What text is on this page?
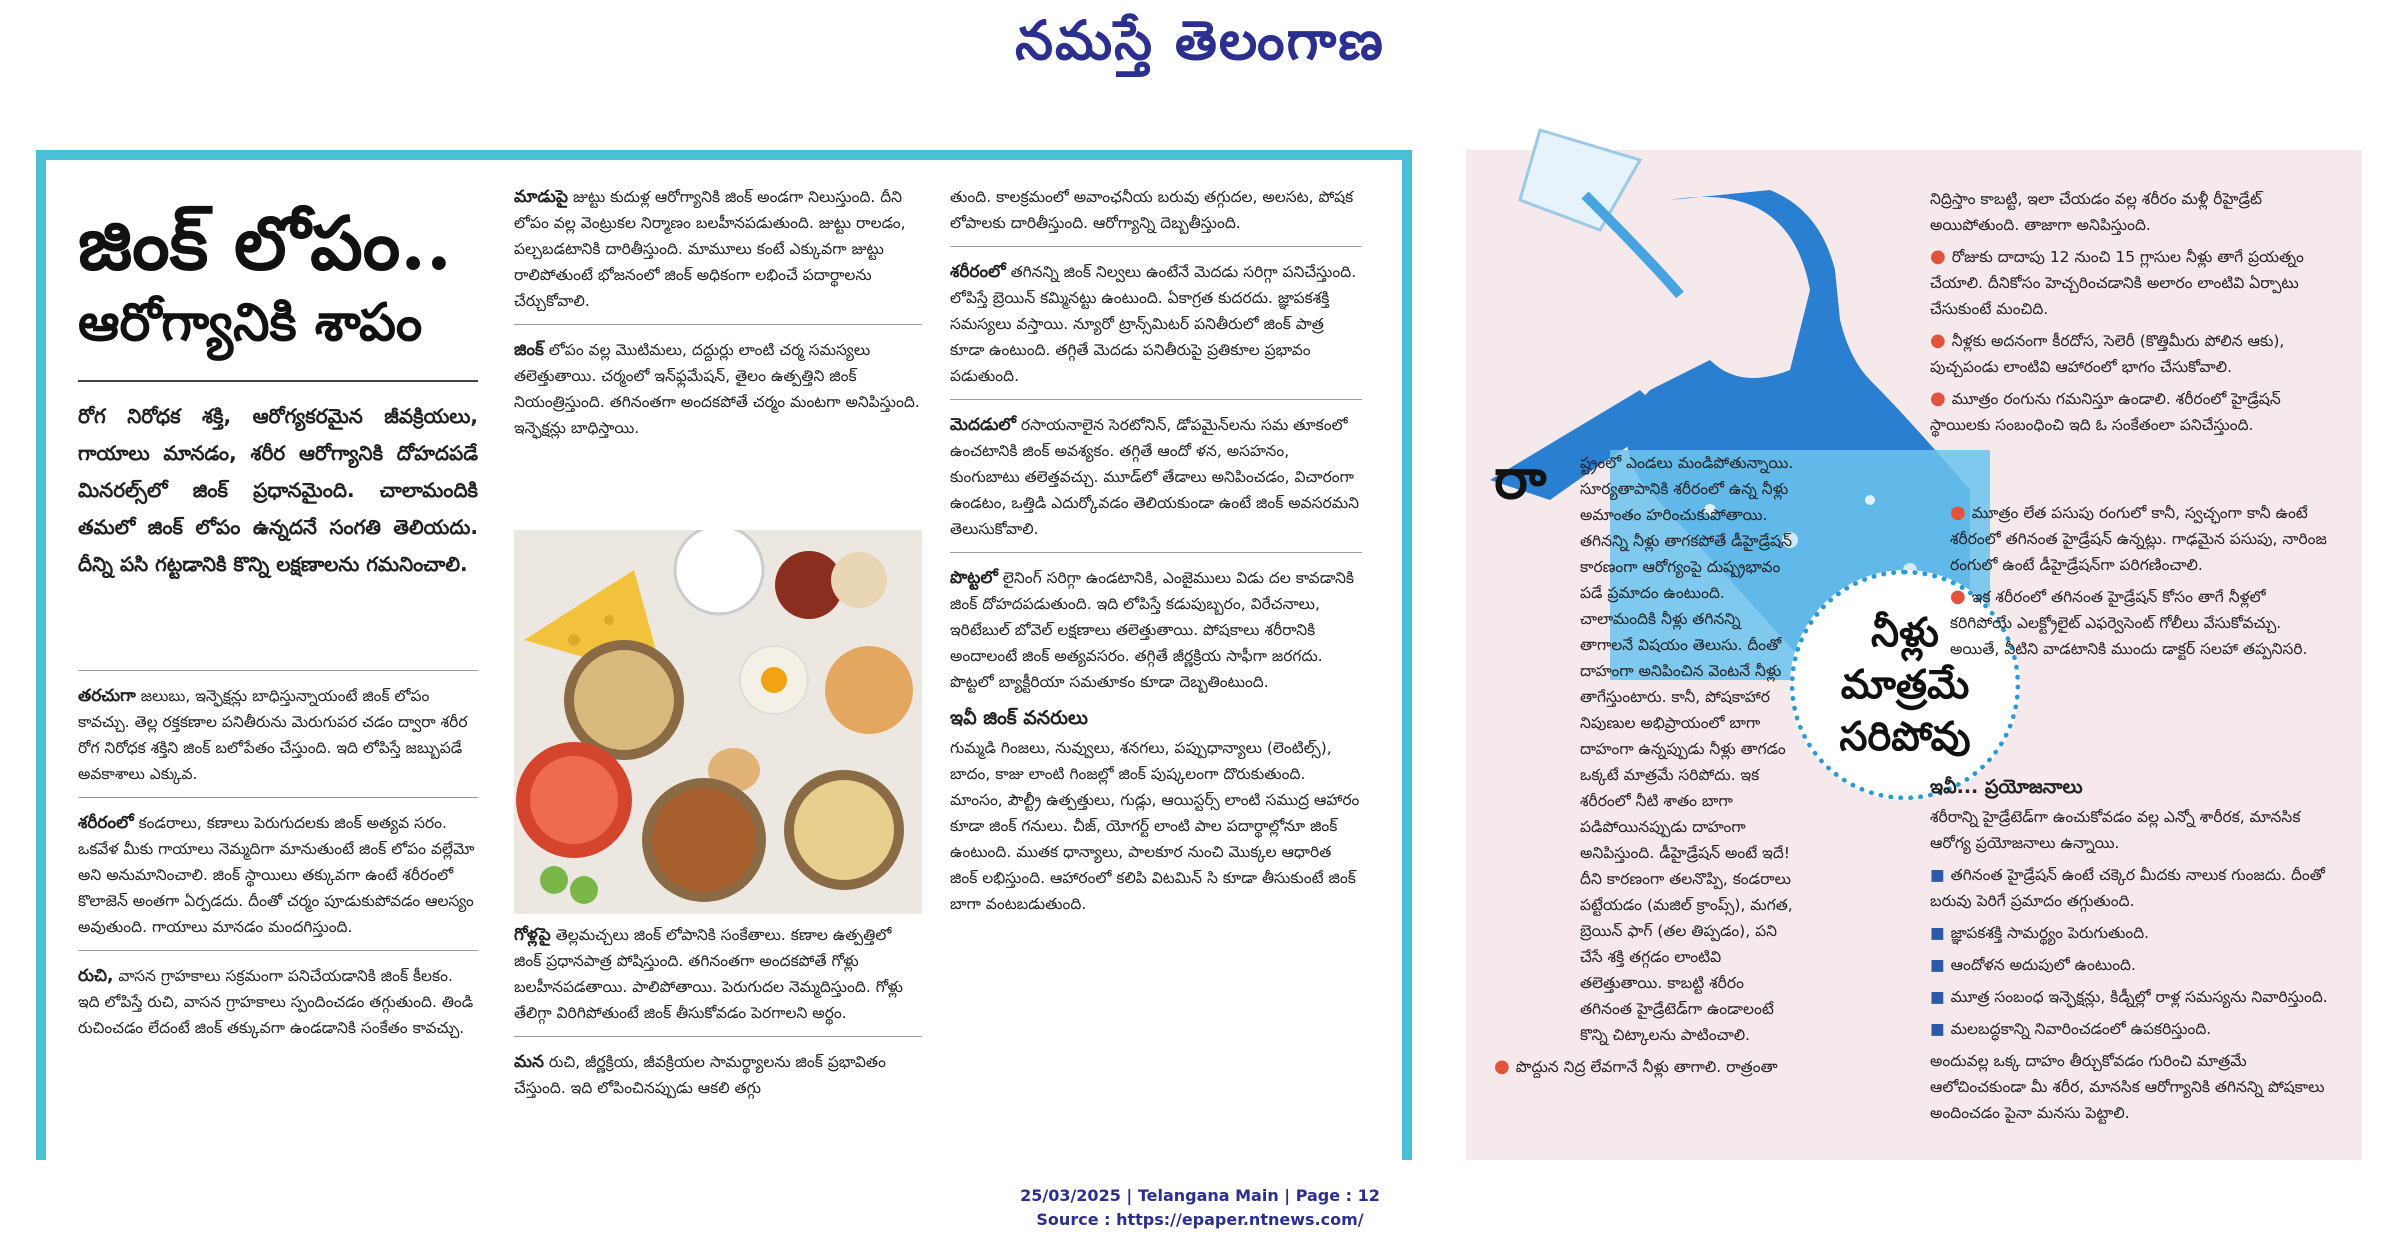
నమస్తే తెలంగాణ
జింక్ లోపం..
ఆరోగ్యానికి శాపం
రోగ నిరోధక శక్తి, ఆరోగ్యకరమైన జీవక్రియలు, గాయాలు మానడం, శరీర ఆరోగ్యానికి దోహదపడే మినరల్స్‌లో జింక్ ప్రధానమైంది. చాలామందికి తమలో జింక్ లోపం ఉన్నదనే సంగతి తెలియదు. దీన్ని పసి గట్టడానికి కొన్ని లక్షణాలను గమనించాలి.

తరచుగా జలుబు, ఇన్ఫెక్షన్లు బాధిస్తున్నాయంటే జింక్ లోపం కావచ్చు. తెల్ల రక్తకణాల పనితీరును మెరుగుపర చడం ద్వారా శరీర రోగ నిరోధక శక్తిని జింక్ బలోపేతం చేస్తుంది. ఇది లోపిస్తే జబ్బుపడే అవకాశాలు ఎక్కువ.

శరీరంలో కండరాలు, కణాలు పెరుగుదలకు జింక్ అత్యవ సరం. ఒకవేళ మీకు గాయాలు నెమ్మదిగా మానుతుంటే జింక్ లోపం వల్లేమో అని అనుమానించాలి. జింక్ స్థాయిలు తక్కువగా ఉంటే శరీరంలో కొలాజెన్ అంతగా ఏర్పడదు. దీంతో చర్మం పూడుకుపోవడం ఆలస్యం అవుతుంది. గాయాలు మానడం మందగిస్తుంది.

రుచి, వాసన గ్రాహకాలు సక్రమంగా పనిచేయడానికి జింక్ కీలకం. ఇది లోపిస్తే రుచి, వాసన గ్రాహకాలు స్పందించడం తగ్గుతుంది. తిండి రుచించడం లేదంటే జింక్ తక్కువగా ఉండడానికి సంకేతం కావచ్చు.

మాడుపై జుట్టు కుదుళ్ల ఆరోగ్యానికి జింక్ అండగా నిలుస్తుంది. దీని లోపం వల్ల వెంట్రుకల నిర్మాణం బలహీనపడుతుంది. జుట్టు రాలడం, పల్చబడటానికి దారితీస్తుంది. మామూలు కంటే ఎక్కువగా జుట్టు రాలిపోతుంటే భోజనంలో జింక్ అధికంగా లభించే పదార్థాలను చేర్చుకోవాలి.

జింక్ లోపం వల్ల మొటిమలు, దద్దుర్లు లాంటి చర్మ సమస్యలు తలెత్తుతాయి. చర్మంలో ఇన్‌ఫ్లమేషన్, తైలం ఉత్పత్తిని జింక్ నియంత్రిస్తుంది. తగినంతగా అందకపోతే చర్మం మంటగా అనిపిస్తుంది. ఇన్ఫెక్షన్లు బాధిస్తాయి.

గోళ్లపై తెల్లమచ్చలు జింక్ లోపానికి సంకేతాలు. కణాల ఉత్పత్తిలో జింక్ ప్రధానపాత్ర పోషిస్తుంది. తగినంతగా అందకపోతే గోళ్లు బలహీనపడతాయి. పాలిపోతాయి. పెరుగుదల నెమ్మదిస్తుంది. గోళ్లు తేలిగ్గా విరిగిపోతుంటే జింక్ తీసుకోవడం పెరగాలని అర్థం.

మన రుచి, జీర్ణక్రియ, జీవక్రియల సామర్థ్యాలను జింక్ ప్రభావితం చేస్తుంది. ఇది లోపించినప్పుడు ఆకలి తగ్గు

తుంది. కాలక్రమంలో అవాంఛనీయ బరువు తగ్గుదల, అలసట, పోషక లోపాలకు దారితీస్తుంది. ఆరోగ్యాన్ని దెబ్బతీస్తుంది.

శరీరంలో తగినన్ని జింక్ నిల్వలు ఉంటేనే మెదడు సరిగ్గా పనిచేస్తుంది. లోపిస్తే బ్రెయిన్ కమ్మినట్టు ఉంటుంది. ఏకాగ్రత కుదరదు. జ్ఞాపకశక్తి సమస్యలు వస్తాయి. న్యూరో ట్రాన్స్‌మిటర్ పనితీరులో జింక్ పాత్ర కూడా ఉంటుంది. తగ్గితే మెదడు పనితీరుపై ప్రతికూల ప్రభావం పడుతుంది.

మెదడులో రసాయనాలైన సెరటోనిన్, డోపమైన్‌లను సమ తూకంలో ఉంచటానికి జింక్ అవశ్యకం. తగ్గితే ఆందో ళన, అసహనం, కుంగుబాటు తలెత్తవచ్చు. మూడ్‌లో తేడాలు అనిపించడం, విచారంగా ఉండటం, ఒత్తిడి ఎదుర్కోవడం తెలియకుండా ఉంటే జింక్ అవసరమని తెలుసుకోవాలి.

పొట్టలో లైనింగ్ సరిగ్గా ఉండటానికి, ఎంజైములు విడు దల కావడానికి జింక్ దోహదపడుతుంది. ఇది లోపిస్తే కడుపుబ్బరం, విరేచనాలు, ఇరిటేబుల్ బోవెల్ లక్షణాలు తలెత్తుతాయి. పోషకాలు శరీరానికి అందాలంటే జింక్ అత్యవసరం. తగ్గితే జీర్ణక్రియ సాఫీగా జరగదు. పొట్టలో బ్యాక్టీరియా సమతూకం కూడా దెబ్బతింటుంది.

ఇవీ జింక్ వనరులు

గుమ్మడి గింజలు, నువ్వులు, శనగలు, పప్పుధాన్యాలు (లెంటిల్స్), బాదం, కాజు లాంటి గింజల్లో జింక్ పుష్కలంగా దొరుకుతుంది. మాంసం, పౌల్ట్రీ ఉత్పత్తులు, గుడ్లు, ఆయిస్టర్స్ లాంటి సముద్ర ఆహారం కూడా జింక్ గనులు. చీజ్, యోగర్ట్ లాంటి పాల పదార్థాల్లోనూ జింక్ ఉంటుంది. ముతక ధాన్యాలు, పాలకూర నుంచి మొక్కల ఆధారిత జింక్ లభిస్తుంది. ఆహారంలో కలిపి విటమిన్ సి కూడా తీసుకుంటే జింక్ బాగా వంటబడుతుంది.

రా	ష్ట్రంలో ఎండలు మండిపోతున్నాయి. సూర్యతాపానికి శరీరంలో ఉన్న నీళ్లు అమాంతం హరించుకుపోతాయి. తగినన్ని నీళ్లు తాగకపోతే డీహైడ్రేషన్ కారణంగా ఆరోగ్యంపై దుష్ప్రభావం పడే ప్రమాదం ఉంటుంది. చాలామందికి నీళ్లు తగినన్ని తాగాలనే విషయం తెలుసు. దీంతో దాహంగా అనిపించిన వెంటనే నీళ్లు తాగేస్తుంటారు. కానీ, పోషకాహార నిపుణుల అభిప్రాయంలో బాగా దాహంగా ఉన్నప్పుడు నీళ్లు తాగడం ఒక్కటే మాత్రమే సరిపోదు. ఇక శరీరంలో నీటి శాతం బాగా పడిపోయినప్పుడు దాహంగా అనిపిస్తుంది. డీహైడ్రేషన్ అంటే ఇదే! దీని కారణంగా తలనొప్పి, కండరాలు పట్టేయడం (మజిల్ క్రాంప్స్), మగత, బ్రెయిన్ ఫాగ్ (తల తిప్పడం), పని చేసే శక్తి తగ్గడం లాంటివి తలెత్తుతాయి. కాబట్టి శరీరం తగినంత హైడ్రేటెడ్‌గా ఉండాలంటే కొన్ని చిట్కాలను పాటించాలి.

● పొద్దున నిద్ర లేవగానే నీళ్లు తాగాలి. రాత్రంతా

నీళ్లు
మాత్రమే
సరిపోవు

నిద్రిస్తాం కాబట్టి, ఇలా చేయడం వల్ల శరీరం మళ్లీ రీహైడ్రేట్ అయిపోతుంది. తాజాగా అనిపిస్తుంది.

● రోజుకు దాదాపు 12 నుంచి 15 గ్లాసుల నీళ్లు తాగే ప్రయత్నం చేయాలి. దీనికోసం హెచ్చరించడానికి అలారం లాంటివి ఏర్పాటు చేసుకుంటే మంచిది.

● నీళ్లకు అదనంగా కీరదోస, సెలెరీ (కొత్తిమీరు పోలిన ఆకు), పుచ్చపండు లాంటివి ఆహారంలో భాగం చేసుకోవాలి.

● మూత్రం రంగును గమనిస్తూ ఉండాలి. శరీరంలో హైడ్రేషన్ స్థాయిలకు సంబంధించి ఇది ఓ సంకేతంలా పనిచేస్తుంది.

● మూత్రం లేత పసుపు రంగులో కానీ, స్వచ్ఛంగా కానీ ఉంటే శరీరంలో తగినంత హైడ్రేషన్ ఉన్నట్లు. గాఢమైన పసుపు, నారింజ రంగులో ఉంటే డీహైడ్రేషన్‌గా పరిగణించాలి.

● ఇక శరీరంలో తగినంత హైడ్రేషన్ కోసం తాగే నీళ్లలో కరిగిపోయే ఎలక్ట్రోలైట్ ఎఫర్వెసెంట్ గోలీలు వేసుకోవచ్చు. అయితే, వీటిని వాడటానికి ముందు డాక్టర్ సలహా తప్పనిసరి.

ఇవీ... ప్రయోజనాలు

శరీరాన్ని హైడ్రేటెడ్‌గా ఉంచుకోవడం వల్ల ఎన్నో శారీరక, మానసిక ఆరోగ్య ప్రయోజనాలు ఉన్నాయి.

■ తగినంత హైడ్రేషన్ ఉంటే చక్కెర మీదకు నాలుక గుంజదు. దీంతో బరువు పెరిగే ప్రమాదం తగ్గుతుంది.

■ జ్ఞాపకశక్తి సామర్థ్యం పెరుగుతుంది.

■ ఆందోళన అదుపులో ఉంటుంది.

■ మూత్ర సంబంధ ఇన్ఫెక్షన్లు, కిడ్నీల్లో రాళ్ల సమస్యను నివారిస్తుంది.

■ మలబద్ధకాన్ని నివారించడంలో ఉపకరిస్తుంది.

అందువల్ల ఒక్క దాహం తీర్చుకోవడం గురించి మాత్రమే ఆలోచించకుండా మీ శరీర, మానసిక ఆరోగ్యానికి తగినన్ని పోషకాలు అందించడం పైనా మనసు పెట్టాలి.

25/03/2025 | Telangana Main | Page : 12
Source : https://epaper.ntnews.com/
